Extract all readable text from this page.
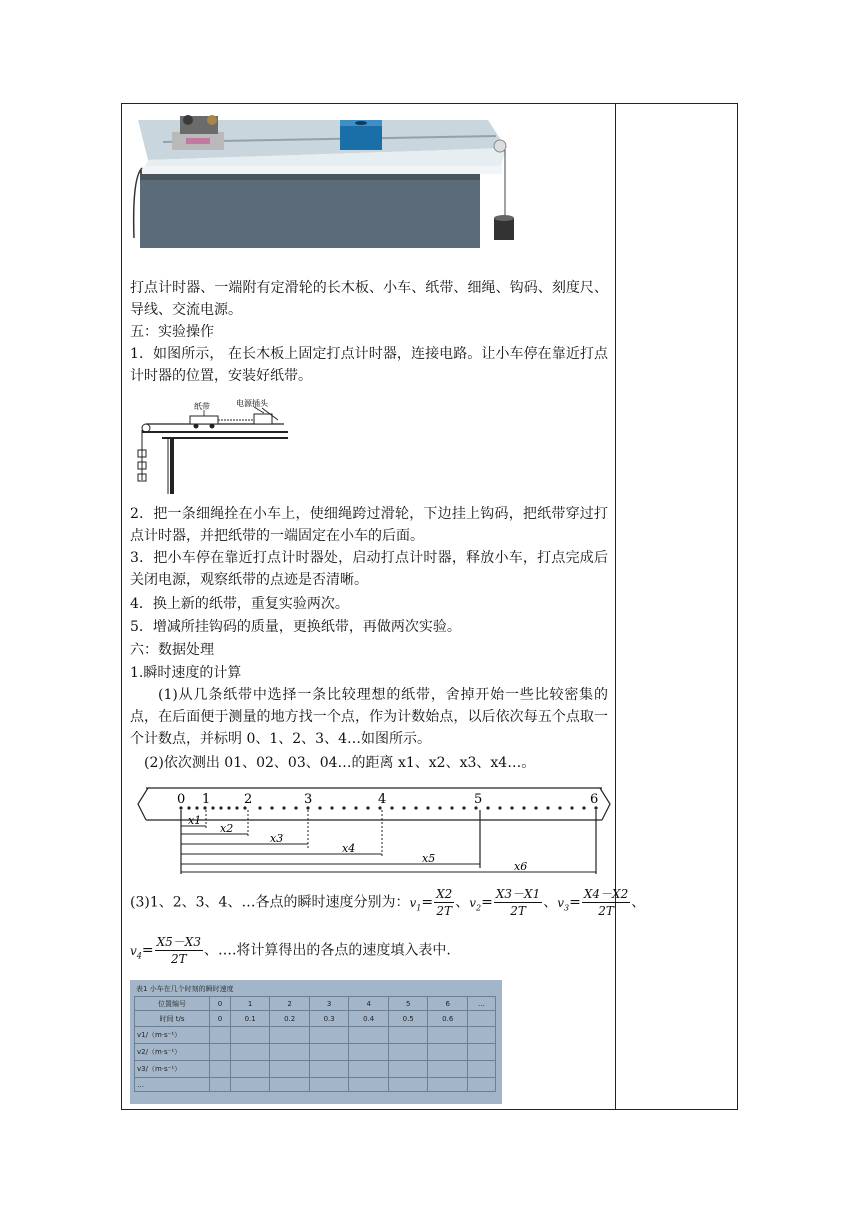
打点计时器、一端附有定滑轮的长木板、小车、纸带、细绳、钩码、刻度尺、导线、交流电源。
五：实验操作
1．如图所示， 在长木板上固定打点计时器，连接电路。让小车停在靠近打点计时器的位置，安装好纸带。
纸带	电源插头
2．把一条细绳拴在小车上，使细绳跨过滑轮，下边挂上钩码，把纸带穿过打点计时器，并把纸带的一端固定在小车的后面。
3．把小车停在靠近打点计时器处，启动打点计时器，释放小车，打点完成后关闭电源，观察纸带的点迹是否清晰。
4．换上新的纸带，重复实验两次。
5．增减所挂钩码的质量，更换纸带，再做两次实验。
六：数据处理
1.瞬时速度的计算
(1)从几条纸带中选择一条比较理想的纸带，舍掉开始一些比较密集的点，在后面便于测量的地方找一个点，作为计数始点，以后依次每五个点取一个计数点，并标明 0、1、2、3、4…如图所示。
(2)依次测出 01、02、03、04…的距离 x1、x2、x3、x4…。
0 1	2	3	4	5	6
x1
x2
x3
x4
x5
x6
(3)1、2、3、4、…各点的瞬时速度分别为：$v_1= \frac{X2}{2T}$ 、$v_2= \frac{X3-X1}{2T}$ 、$v_3= \frac{X4-X2}{2T}$ 、
$v_4= \frac{X5-X3}{2T}$ 、….将计算得出的各点的速度填入表中.
表1 小车在几个时刻的瞬时速度
位置编号	0	1	2	3	4	5	6	…
时间 t/s	0	0.1	0.2	0.3	0.4	0.5	0.6	
v1/（m·s⁻¹）								
v2/（m·s⁻¹）								
v3/（m·s⁻¹）								
…								
